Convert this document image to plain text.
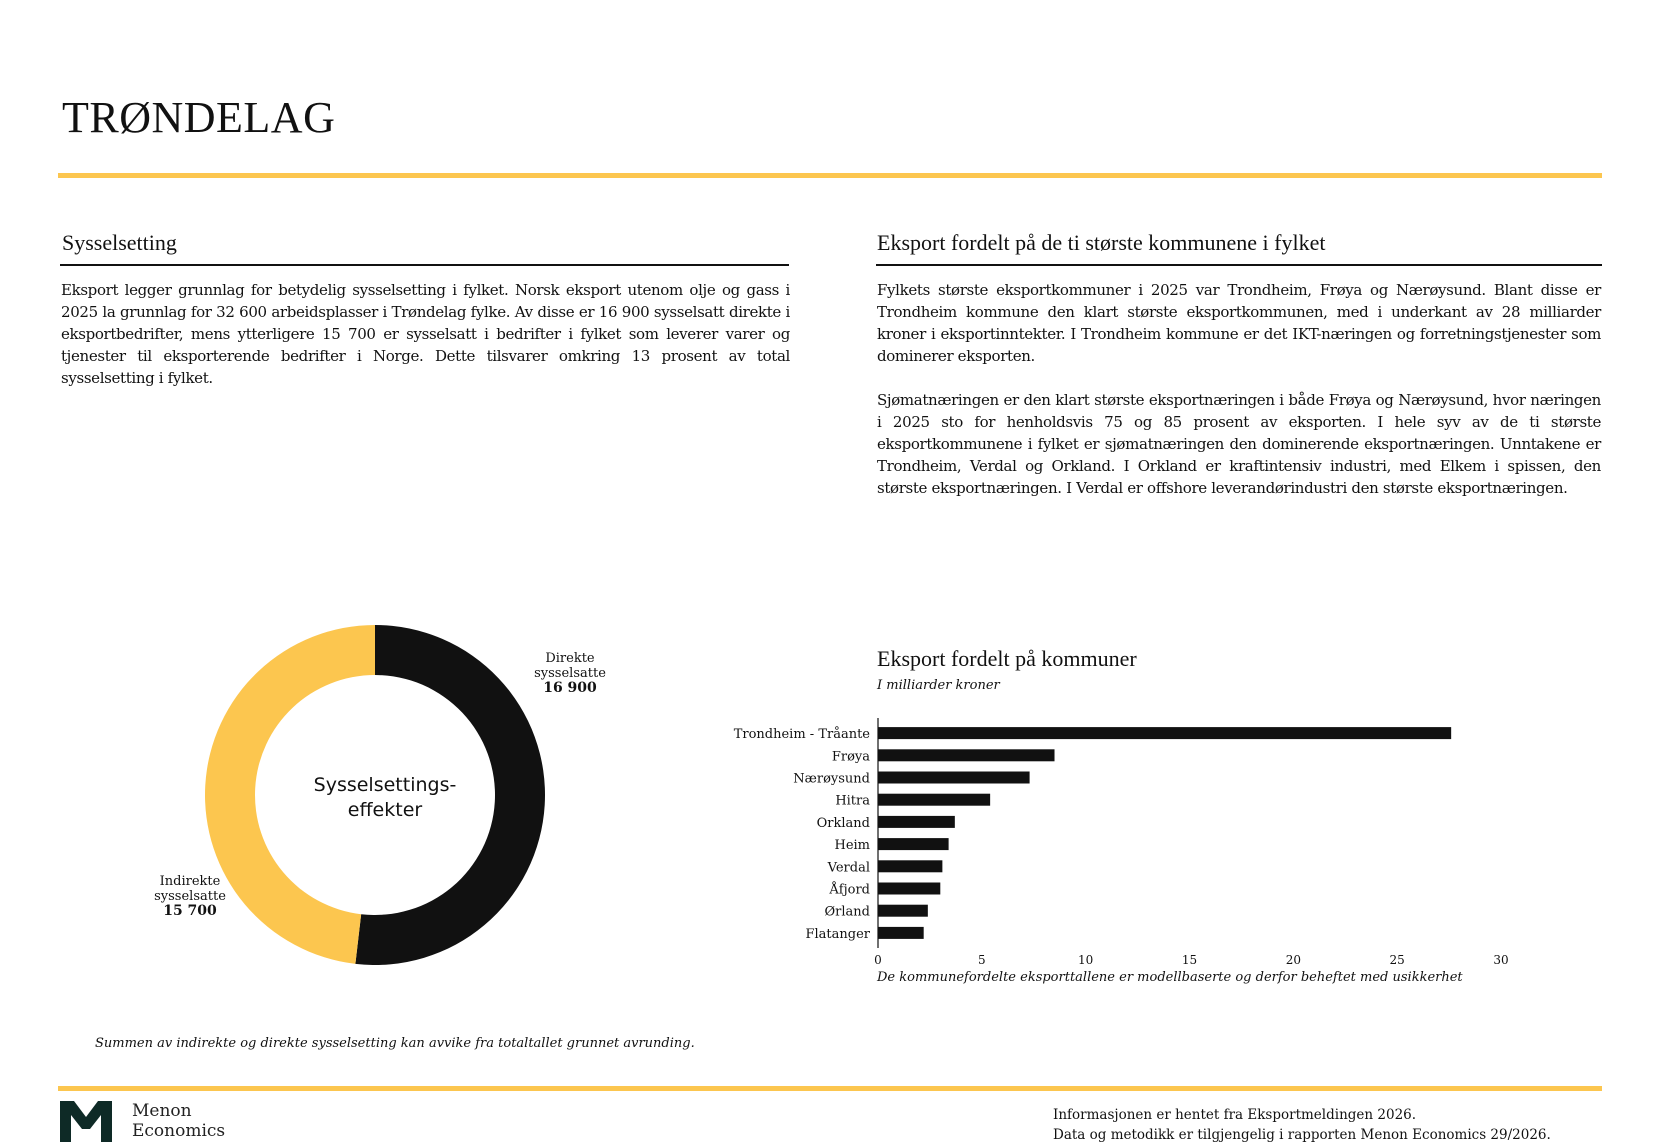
TRØNDELAG
Sysselsetting
Eksport legger grunnlag for betydelig sysselsetting i fylket. Norsk eksport utenom olje og gass i 2025 la grunnlag for 32 600 arbeidsplasser i Trøndelag fylke. Av disse er 16 900 sysselsatt direkte i eksportbedrifter, mens ytterligere 15 700 er sysselsatt i bedrifter i fylket som leverer varer og tjenester til eksporterende bedrifter i Norge. Dette tilsvarer omkring 13 prosent av total sysselsetting i fylket.
Eksport fordelt på de ti største kommunene i fylket

Fylkets største eksportkommuner i 2025 var Trondheim, Frøya og Nærøysund. Blant disse er Trondheim kommune den klart største eksportkommunen, med i underkant av 28 milliarder kroner i eksportinntekter. I Trondheim kommune er det IKT-næringen og forretningstjenester som dominerer eksporten.

Sjømatnæringen er den klart største eksportnæringen i både Frøya og Nærøysund, hvor næringen i 2025 sto for henholdsvis 75 og 85 prosent av eksporten. I hele syv av de ti største eksportkommunene i fylket er sjømatnæringen den dominerende eksportnæringen. Unntakene er Trondheim, Verdal og Orkland. I Orkland er kraftintensiv industri, med Elkem i spissen, den største eksportnæringen. I Verdal er offshore leverandørindustri den største eksportnæringen.

Sysselsettings-
effekter
Direkte
sysselsatte
16 900
Indirekte
sysselsatte
15 700
Summen av indirekte og direkte sysselsetting kan avvike fra totaltallet grunnet avrunding.
Eksport fordelt på kommuner
I milliarder kroner
Trondheim - Tråante
Frøya
Nærøysund
Hitra
Orkland
Heim
Verdal
Åfjord
Ørland
Flatanger
0	5	10	15	20	25	30
De kommunefordelte eksporttallene er modellbaserte og derfor beheftet med usikkerhet
Menon
Economics
Informasjonen er hentet fra Eksportmeldingen 2026.
Data og metodikk er tilgjengelig i rapporten Menon Economics 29/2026.
